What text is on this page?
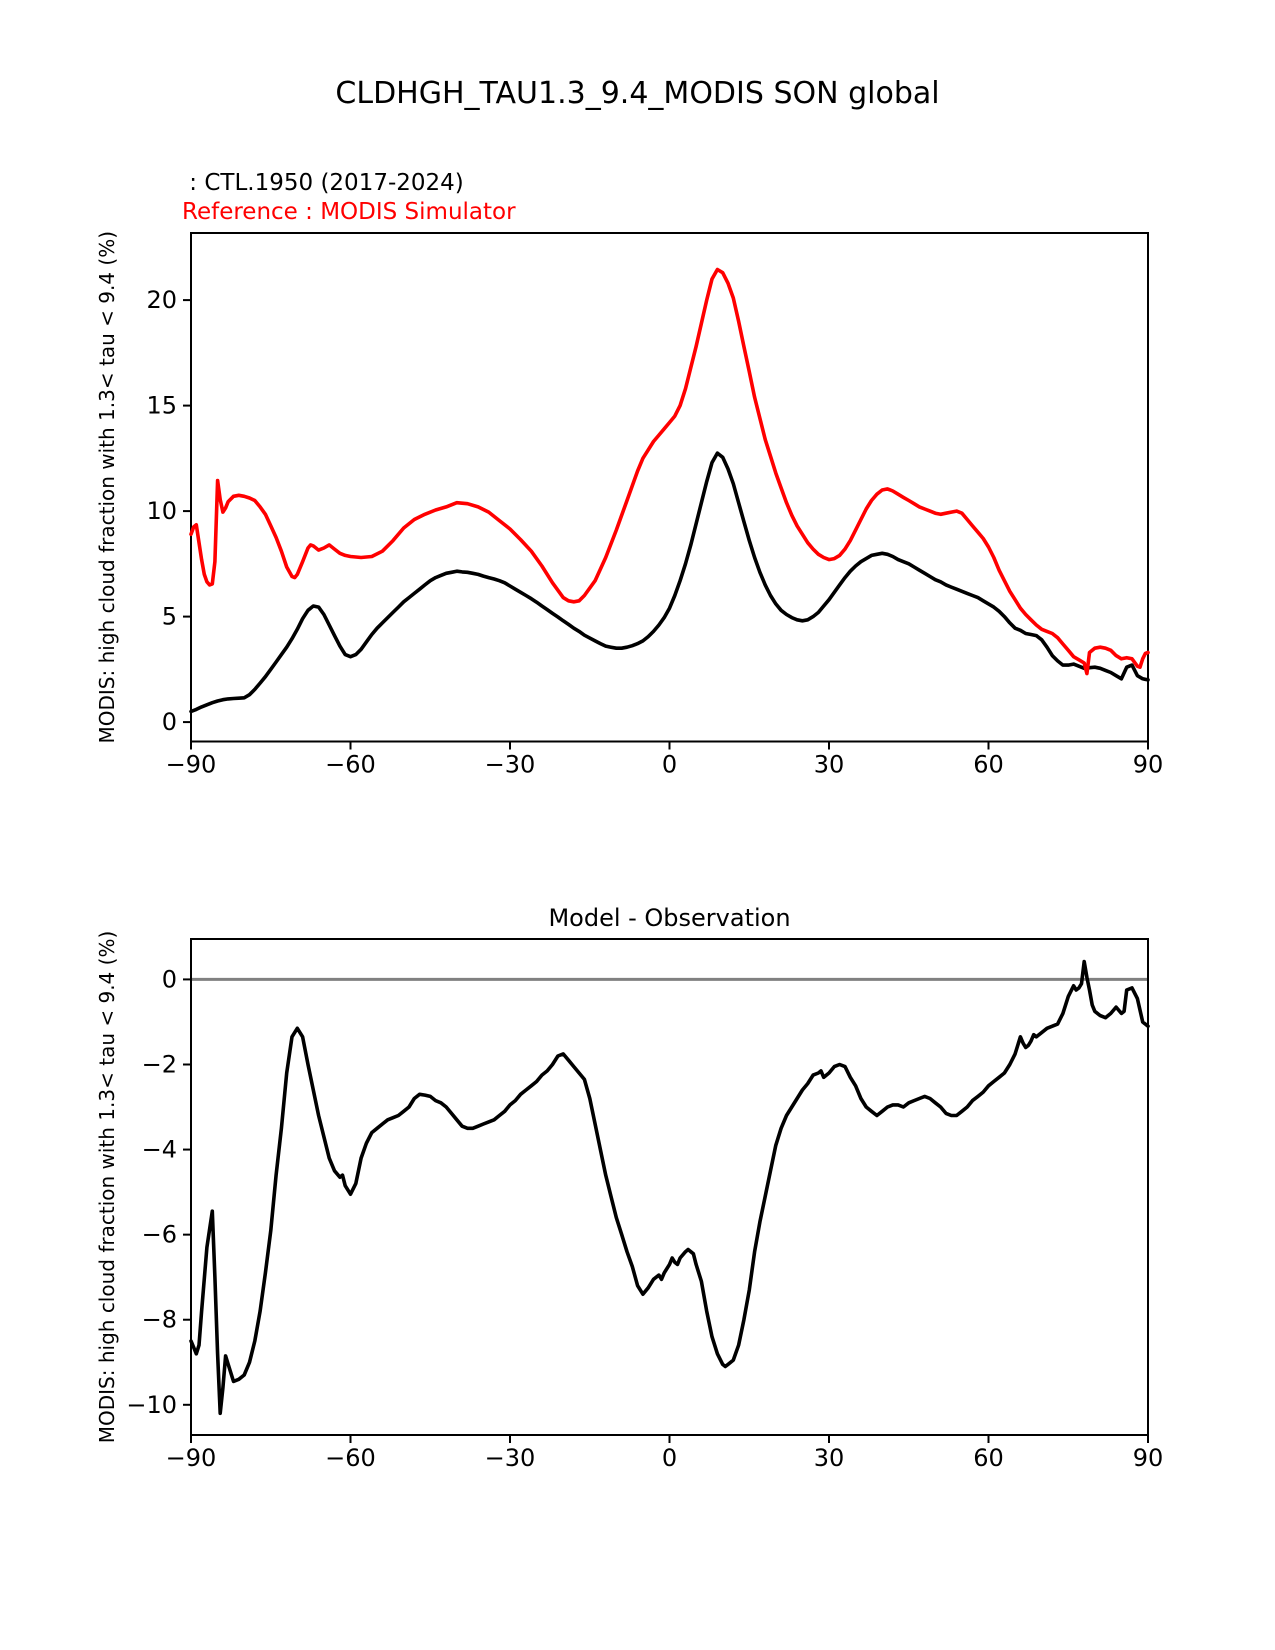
CLDHGH_TAU1.3_9.4_MODIS SON global
: CTL.1950 (2017-2024)
Reference : MODIS Simulator
−90	−60	−30	0	30	60	90
0
5
10
15
20
MODIS: high cloud fraction with 1.3< tau < 9.4 (%)
−90	−60	−30	0	30	60	90
0
−2
−4
−6
−8
−10
MODIS: high cloud fraction with 1.3< tau < 9.4 (%)
Model - Observation
